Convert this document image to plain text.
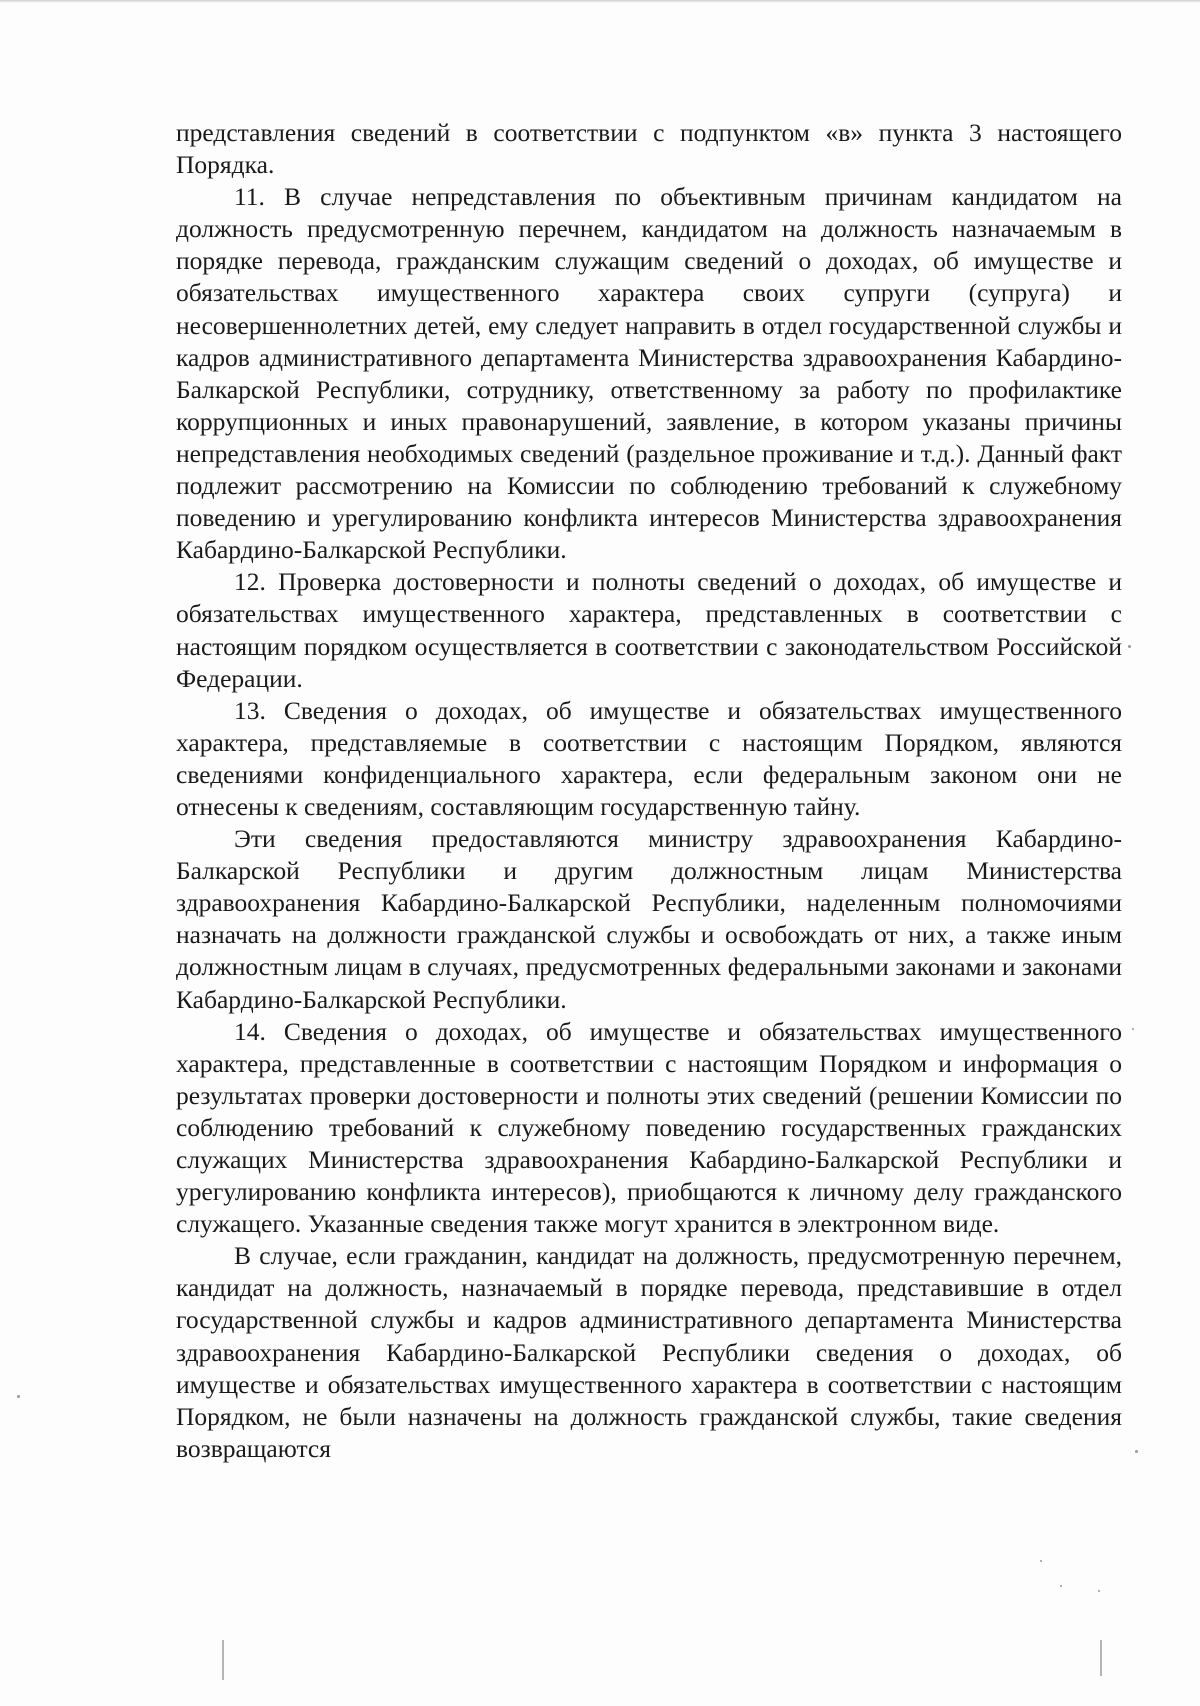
представления сведений в соответствии с подпунктом «в» пункта 3 настоящего Порядка.

11. В случае непредставления по объективным причинам кандидатом на должность предусмотренную перечнем, кандидатом на должность назначаемым в порядке перевода, гражданским служащим сведений о доходах, об имуществе и обязательствах имущественного характера своих супруги (супруга) и несовершеннолетних детей, ему следует направить в отдел государственной службы и кадров административного департамента Министерства здравоохранения Кабардино-Балкарской Республики, сотруднику, ответственному за работу по профилактике коррупционных и иных правонарушений, заявление, в котором указаны причины непредставления необходимых сведений (раздельное проживание и т.д.). Данный факт подлежит рассмотрению на Комиссии по соблюдению требований к служебному поведению и урегулированию конфликта интересов Министерства здравоохранения Кабардино-Балкарской Республики.

12. Проверка достоверности и полноты сведений о доходах, об имуществе и обязательствах имущественного характера, представленных в соответствии с настоящим порядком осуществляется в соответствии с законодательством Российской Федерации.

13. Сведения о доходах, об имуществе и обязательствах имущественного характера, представляемые в соответствии с настоящим Порядком, являются сведениями конфиденциального характера, если федеральным законом они не отнесены к сведениям, составляющим государственную тайну.

Эти сведения предоставляются министру здравоохранения Кабардино-Балкарской Республики и другим должностным лицам Министерства здравоохранения Кабардино-Балкарской Республики, наделенным полномочиями назначать на должности гражданской службы и освобождать от них, а также иным должностным лицам в случаях, предусмотренных федеральными законами и законами Кабардино-Балкарской Республики.

14. Сведения о доходах, об имуществе и обязательствах имущественного характера, представленные в соответствии с настоящим Порядком и информация о результатах проверки достоверности и полноты этих сведений (решении Комиссии по соблюдению требований к служебному поведению государственных гражданских служащих Министерства здравоохранения Кабардино-Балкарской Республики и урегулированию конфликта интересов), приобщаются к личному делу гражданского служащего. Указанные сведения также могут хранится в электронном виде.

В случае, если гражданин, кандидат на должность, предусмотренную перечнем, кандидат на должность, назначаемый в порядке перевода, представившие в отдел государственной службы и кадров административного департамента Министерства здравоохранения Кабардино-Балкарской Республики сведения о доходах, об имуществе и обязательствах имущественного характера в соответствии с настоящим Порядком, не были назначены на должность гражданской службы, такие сведения возвращаются
